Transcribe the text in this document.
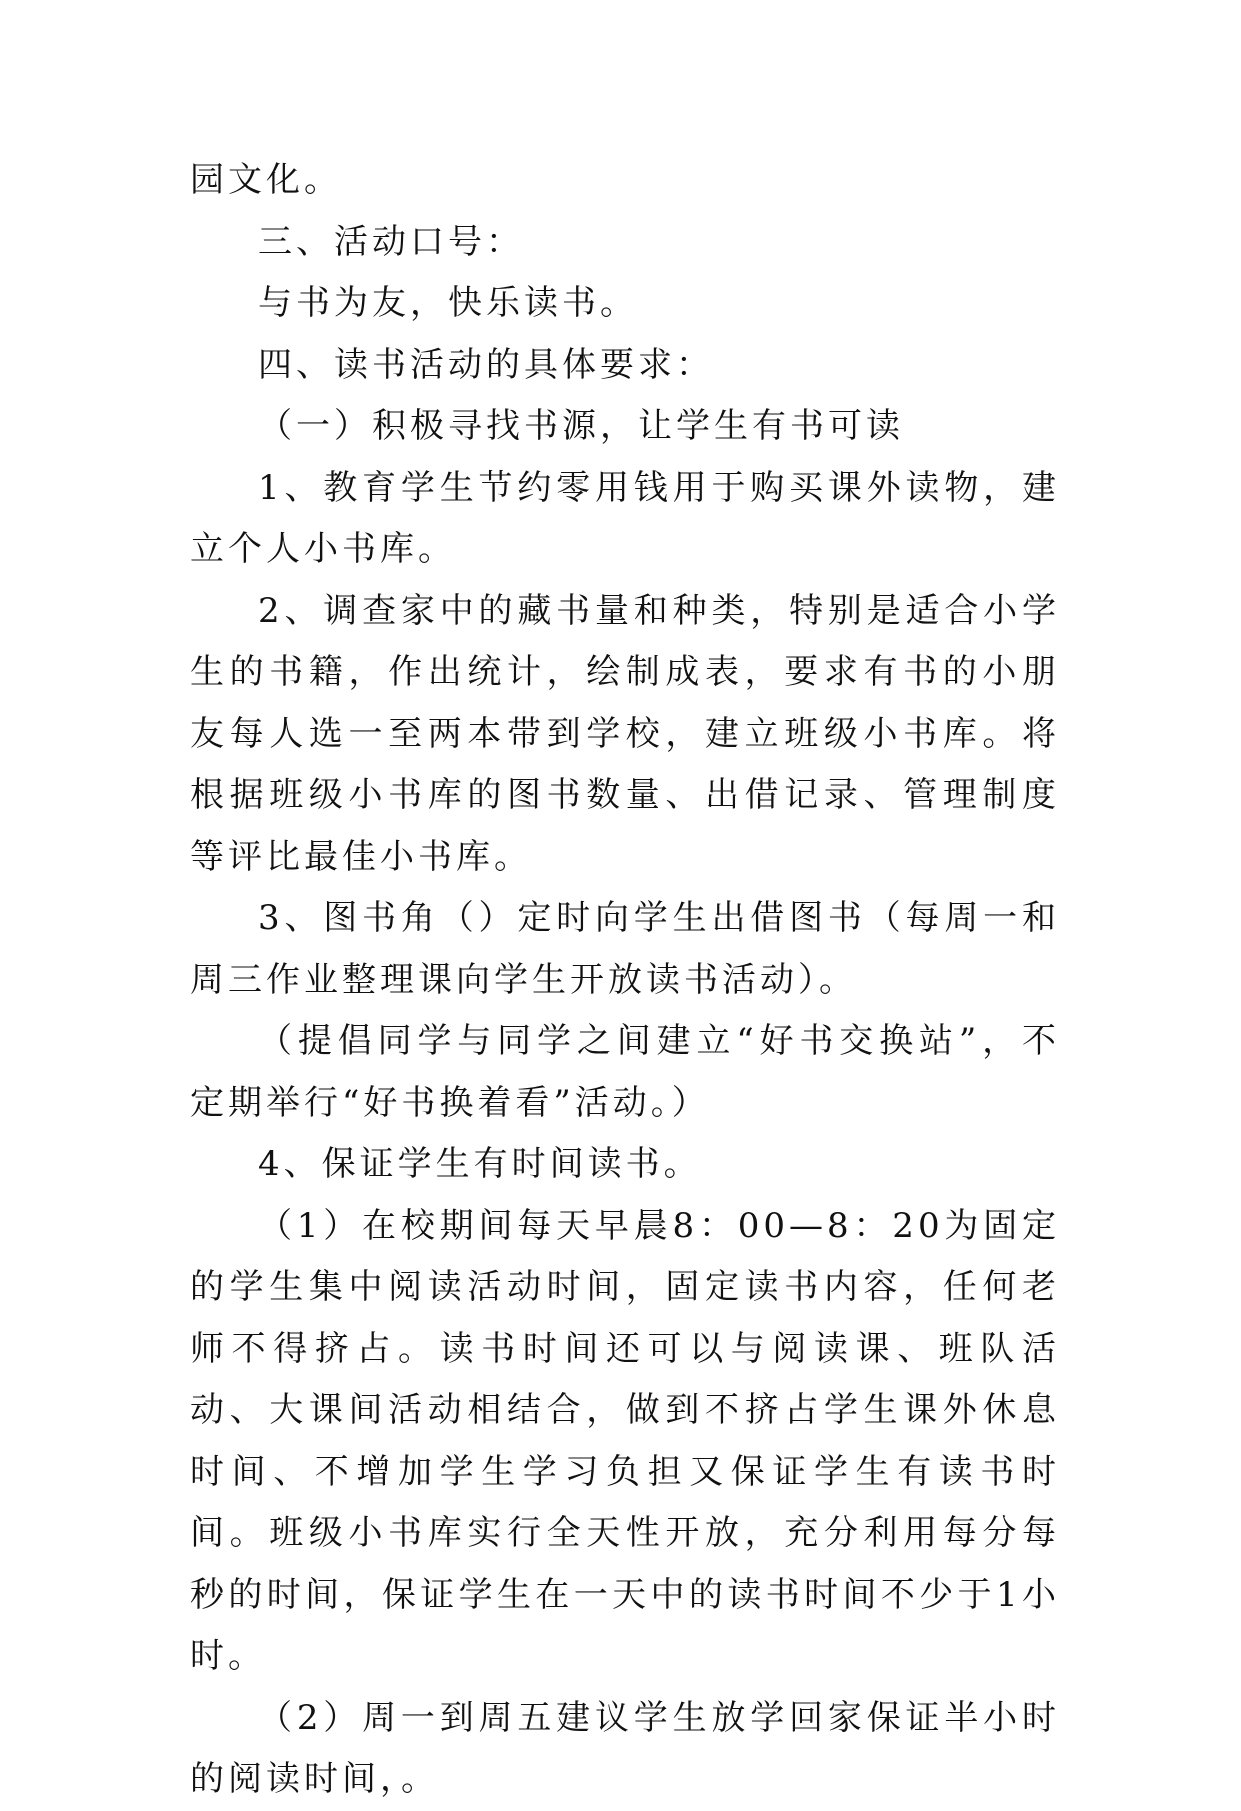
园文化。

三、活动口号：

与书为友，快乐读书。

四、读书活动的具体要求：

（一）积极寻找书源，让学生有书可读

1、教育学生节约零用钱用于购买课外读物，建立个人小书库。

2、调查家中的藏书量和种类，特别是适合小学生的书籍，作出统计，绘制成表，要求有书的小朋友每人选一至两本带到学校，建立班级小书库。将根据班级小书库的图书数量、出借记录、管理制度等评比最佳小书库。

3、图书角（）定时向学生出借图书（每周一和周三作业整理课向学生开放读书活动）。

（提倡同学与同学之间建立“好书交换站”，不定期举行“好书换着看”活动。）

4、保证学生有时间读书。

（1）在校期间每天早晨8：00—8：20为固定的学生集中阅读活动时间，固定读书内容，任何老师不得挤占。读书时间还可以与阅读课、班队活动、大课间活动相结合，做到不挤占学生课外休息时间、不增加学生学习负担又保证学生有读书时间。班级小书库实行全天性开放，充分利用每分每秒的时间，保证学生在一天中的读书时间不少于1小时。

（2）周一到周五建议学生放学回家保证半小时的阅读时间，。
